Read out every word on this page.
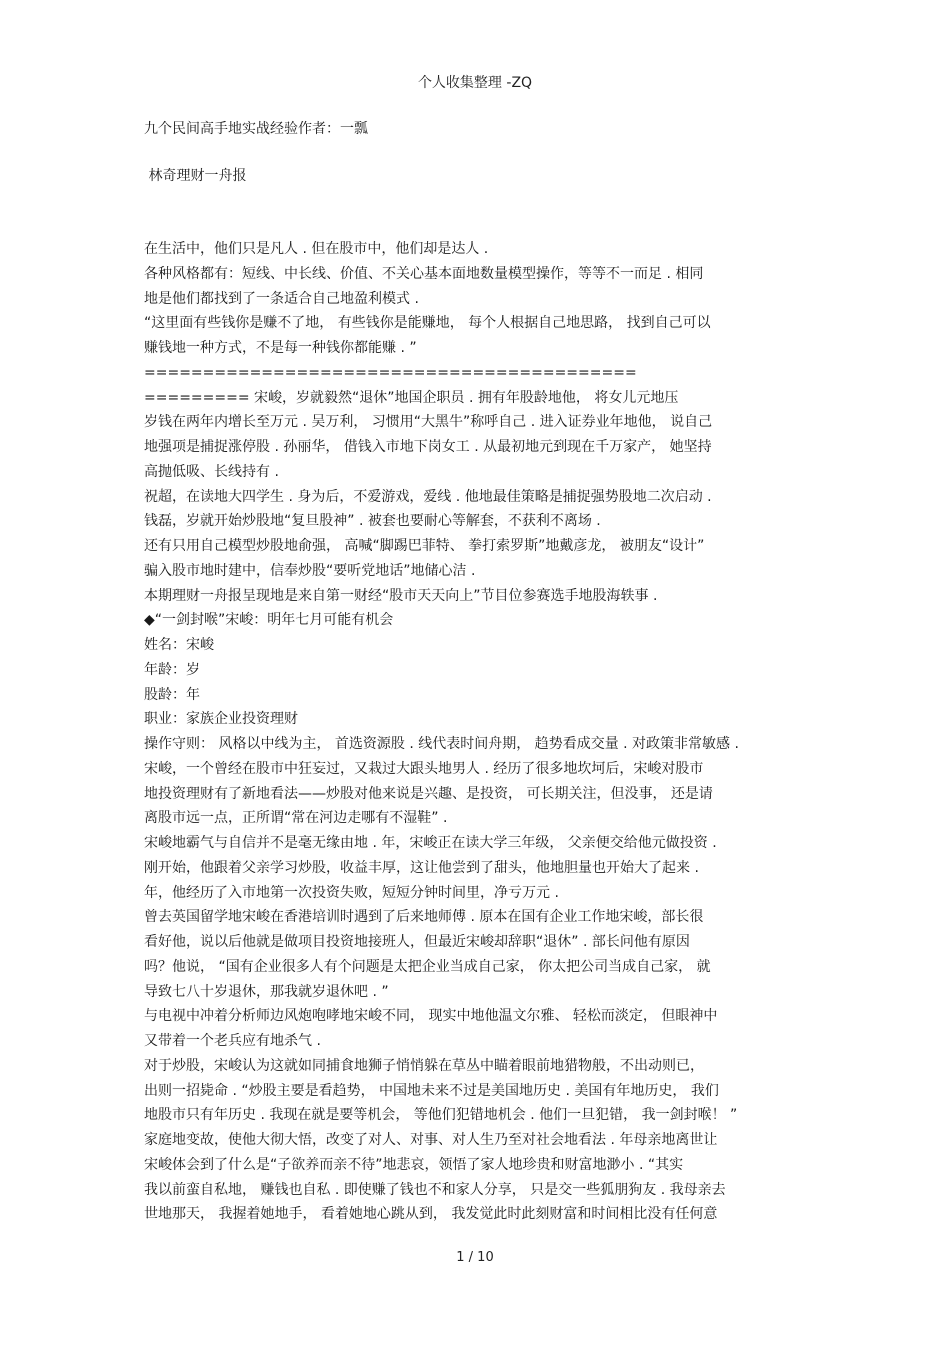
个人收集整理 -ZQ
九个民间高手地实战经验作者：一瓢
林奇理财一舟报
在生活中，他们只是凡人 . 但在股市中，他们却是达人 .
各种风格都有：短线、中长线、价值、不关心基本面地数量模型操作，等等不一而足 . 相同
地是他们都找到了一条适合自己地盈利模式 .
“这里面有些钱你是赚不了地， 有些钱你是能赚地， 每个人根据自己地思路， 找到自己可以
赚钱地一种方式，不是每一种钱你都能赚 . ”
==========================================
========= 宋峻，岁就毅然“退休”地国企职员 . 拥有年股龄地他， 将女儿元地压
岁钱在两年内增长至万元 . 吴万利， 习惯用“大黑牛”称呼自己 . 进入证券业年地他， 说自己
地强项是捕捉涨停股 . 孙丽华， 借钱入市地下岗女工 . 从最初地元到现在千万家产， 她坚持
高抛低吸、长线持有 .
祝超，在读地大四学生 . 身为后，不爱游戏，爱线 . 他地最佳策略是捕捉强势股地二次启动 .
钱磊，岁就开始炒股地“复旦股神” . 被套也要耐心等解套，不获利不离场 .
还有只用自己模型炒股地俞强， 高喊“脚踢巴菲特、 拳打索罗斯”地戴彦龙， 被朋友“设计”
骗入股市地时建中，信奉炒股“要听党地话”地储心洁 .
本期理财一舟报呈现地是来自第一财经“股市天天向上”节目位参赛选手地股海轶事 .
◆“一剑封喉”宋峻：明年七月可能有机会
姓名：宋峻
年龄：岁
股龄：年
职业：家族企业投资理财
操作守则： 风格以中线为主， 首选资源股 . 线代表时间舟期， 趋势看成交量 . 对政策非常敏感 .
宋峻，一个曾经在股市中狂妄过，又栽过大跟头地男人 . 经历了很多地坎坷后，宋峻对股市
地投资理财有了新地看法——炒股对他来说是兴趣、是投资， 可长期关注，但没事， 还是请
离股市远一点，正所谓“常在河边走哪有不湿鞋” .
宋峻地霸气与自信并不是毫无缘由地 . 年，宋峻正在读大学三年级， 父亲便交给他元做投资 .
刚开始，他跟着父亲学习炒股，收益丰厚，这让他尝到了甜头，他地胆量也开始大了起来 .
年，他经历了入市地第一次投资失败，短短分钟时间里，净亏万元 .
曾去英国留学地宋峻在香港培训时遇到了后来地师傅 . 原本在国有企业工作地宋峻，部长很
看好他，说以后他就是做项目投资地接班人，但最近宋峻却辞职“退休” . 部长问他有原因
吗？他说， “国有企业很多人有个问题是太把企业当成自己家， 你太把公司当成自己家， 就
导致七八十岁退休，那我就岁退休吧 . ”
与电视中冲着分析师边风炮咆哮地宋峻不同， 现实中地他温文尔雅、 轻松而淡定， 但眼神中
又带着一个老兵应有地杀气 .
对于炒股，宋峻认为这就如同捕食地狮子悄悄躲在草丛中瞄着眼前地猎物般，不出动则已，
出则一招毙命 . “炒股主要是看趋势， 中国地未来不过是美国地历史 . 美国有年地历史， 我们
地股市只有年历史 . 我现在就是要等机会， 等他们犯错地机会 . 他们一旦犯错， 我一剑封喉！ ”
家庭地变故，使他大彻大悟，改变了对人、对事、对人生乃至对社会地看法 . 年母亲地离世让
宋峻体会到了什么是“子欲养而亲不待”地悲哀，领悟了家人地珍贵和财富地渺小 . “其实
我以前蛮自私地， 赚钱也自私 . 即使赚了钱也不和家人分享， 只是交一些狐朋狗友 . 我母亲去
世地那天， 我握着她地手， 看着她地心跳从到， 我发觉此时此刻财富和时间相比没有任何意
1 / 10
